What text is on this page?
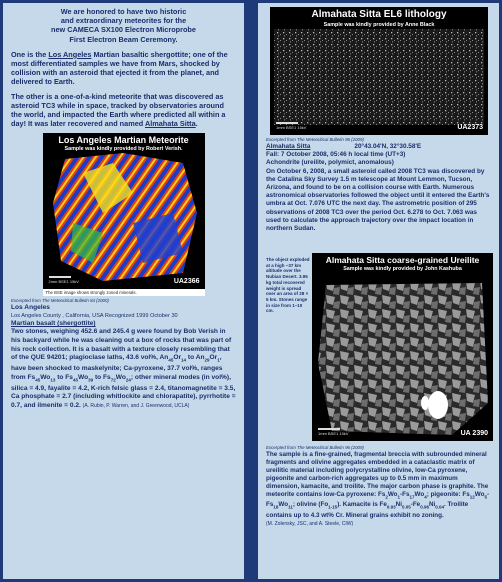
We are honored to have two historic
and extraordinary meteorites for the
new CAMECA SX100 Electron Microprobe
First Electron Beam Ceremony.

One is the Los Angeles Martian basaltic shergottite; one of the most differentiated samples we have from Mars, shocked by collision with an asteroid that ejected it from the planet, and delivered to Earth.

The other is a one-of-a-kind meteorite that was discovered as asteroid TC3 while in space, tracked by observatories around the world, and impacted the Earth where predicted all within a day! It was later recovered and named Almahata Sitta.

Los Angeles Martian Meteorite
Sample was kindly provided by Robert Verish.
2mm BSE1 15kV	UA2366
The BSE image shows strongly zoned minerals.
Excerpted from The Meteoritical Bulletin 84 (2000)
Los Angeles
Los Angeles County , California, USA Recognized 1999 October 30
Martian basalt (shergottite)
Two stones, weighing 452.6 and 245.4 g were found by Bob Verish in his backyard while he was cleaning out a box of rocks that was part of his rock collection. It is a basalt with a texture closely resembling that of the QUE 94201; plagioclase laths, 43.6 vol%, $An_{45}Or_{14}$ to $An_{29}Or_1$, have been shocked to maskelynite; Ca-pyroxene, 37.7 vol%, ranges from $Fs_{45}Wo_{13}$ to $Fs_{45}Wo_{39}$ to $Fs_{72}Wo_{24}$; other mineral modes (in vol%), silica = 4.9, fayalite = 4.2, K-rich felsic glass = 2.4, titanomagnetite = 3.5, Ca phosphate = 2.7 (including whitlockite and chlorapatite), pyrrhotite = 0.7, and ilmenite = 0.2. (A. Rubin, P. Warren, and J. Greenwood, UCLA)
Almahata Sitta EL6 lithology
Sample was kindly provided by Anne Black
1mm BSE1 15kV	UA2373
Excerpted from The Meteoritical Bulletin 96 (2009)
Almahata Sitta	20°43.04'N, 32°30.58'E
Fall: 7 October 2008, 05:46 h local time (UT+3)
Achondrite (ureilite, polymict, anomalous)
On October 6, 2008, a small asteroid called 2008 TC3 was discovered by the Catalina Sky Survey 1.5 m telescope at Mount Lemmon, Tucson, Arizona, and found to be on a collision course with Earth. Numerous astronomical observatories followed the object until it entered the Earth's umbra at Oct. 7.076 UTC the next day. The astrometric position of 295 observations of 2008 TC3 over the period Oct. 6.278 to Oct. 7.063 was used to calculate the approach trajectory over the impact location in northern Sudan.
The object exploded at a high ~37 km altitude over the Nubian Desert. 3.95 kg total recovered weight is spread over an area of 28 × 5 km. Stones range in size from 1–10 cm.
Almahata Sitta coarse-grained Ureilite
Sample was kindly provided by John Kashuba
1mm BSE1 15kV	UA 2390
Excerpted from The Meteoritical Bulletin 96 (2009)
The sample is a fine-grained, fragmental breccia with subrounded mineral fragments and olivine aggregates embedded in a cataclastic matrix of ureilitic material including polycrystalline olivine, low-Ca pyroxene, pigeonite and carbon-rich aggregates up to 0.5 mm in maximum dimension, kamacite, and troilite. The major carbon phase is graphite. The meteorite contains low-Ca pyroxene: $Fs_2Wo_1-Fs_{17}Wo_4$; pigeonite: $Fs_{12}Wo_5-Fs_{18}Wo_{11}$; olivine $(Fo_{1-15})$. Kamacite is $Fe_{0.93}Ni_{0.05}-Fe_{0.96}Ni_{0.04}$. Troilite contains up to 4.3 wt% Cr. Mineral grains exhibit no zoning.
(M. Zolensky, JSC, and A. Steele, CIW)
